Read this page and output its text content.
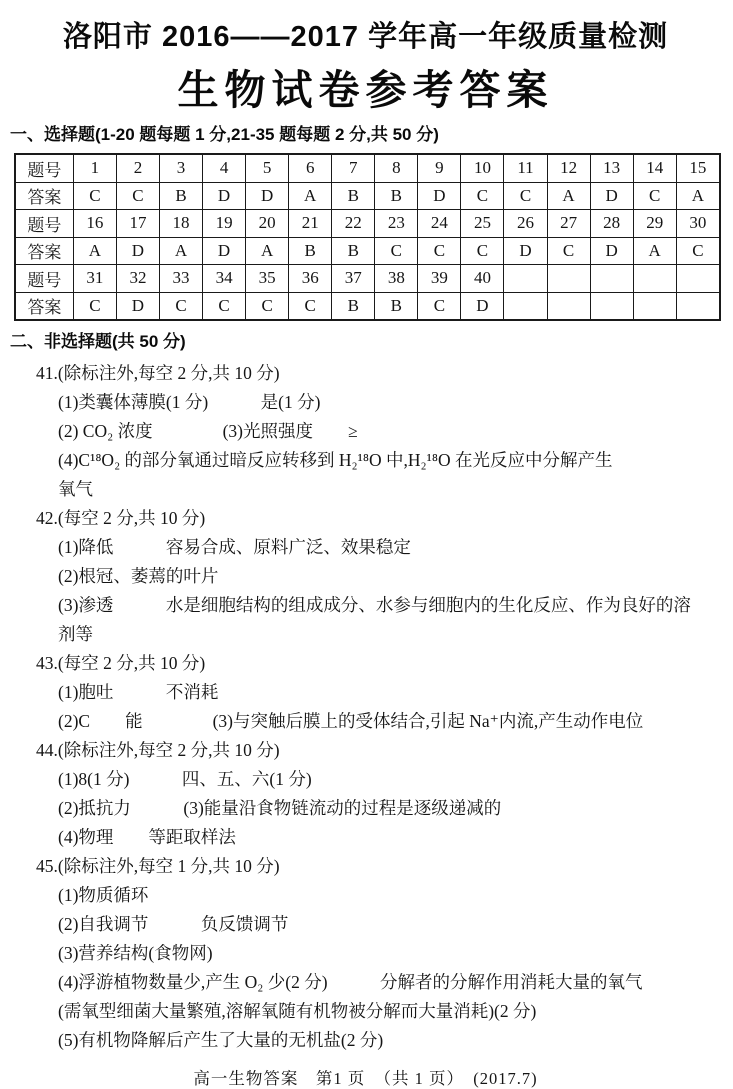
洛阳市 2016——2017 学年高一年级质量检测
生物试卷参考答案
一、选择题(1-20 题每题 1 分,21-35 题每题 2 分,共 50 分)
题号	1	2	3	4	5	6	7	8	9	10	11	12	13	14	15
答案	C	C	B	D	D	A	B	B	D	C	C	A	D	C	A
题号	16	17	18	19	20	21	22	23	24	25	26	27	28	29	30
答案	A	D	A	D	A	B	B	C	C	C	D	C	D	A	C
题号	31	32	33	34	35	36	37	38	39	40					
答案	C	D	C	C	C	C	B	B	C	D					
二、非选择题(共 50 分)
41.(除标注外,每空 2 分,共 10 分)
(1)类囊体薄膜(1 分)　　　是(1 分)
(2) CO₂ 浓度　　　　(3)光照强度　　≥
(4)C¹⁸O₂ 的部分氧通过暗反应转移到 H₂¹⁸O 中,H₂¹⁸O 在光反应中分解产生
氧气
42.(每空 2 分,共 10 分)
(1)降低　　　容易合成、原料广泛、效果稳定
(2)根冠、萎蔫的叶片
(3)渗透　　　水是细胞结构的组成成分、水参与细胞内的生化反应、作为良好的溶
剂等
43.(每空 2 分,共 10 分)
(1)胞吐　　　不消耗
(2)C　　能　　　　(3)与突触后膜上的受体结合,引起 Na⁺内流,产生动作电位
44.(除标注外,每空 2 分,共 10 分)
(1)8(1 分)　　　四、五、六(1 分)
(2)抵抗力　　　(3)能量沿食物链流动的过程是逐级递减的
(4)物理　　等距取样法
45.(除标注外,每空 1 分,共 10 分)
(1)物质循环
(2)自我调节　　　负反馈调节
(3)营养结构(食物网)
(4)浮游植物数量少,产生 O₂ 少(2 分)　　　分解者的分解作用消耗大量的氧气
(需氧型细菌大量繁殖,溶解氧随有机物被分解而大量消耗)(2 分)
(5)有机物降解后产生了大量的无机盐(2 分)
高一生物答案　第1 页　（共 1 页）　(2017.7)
